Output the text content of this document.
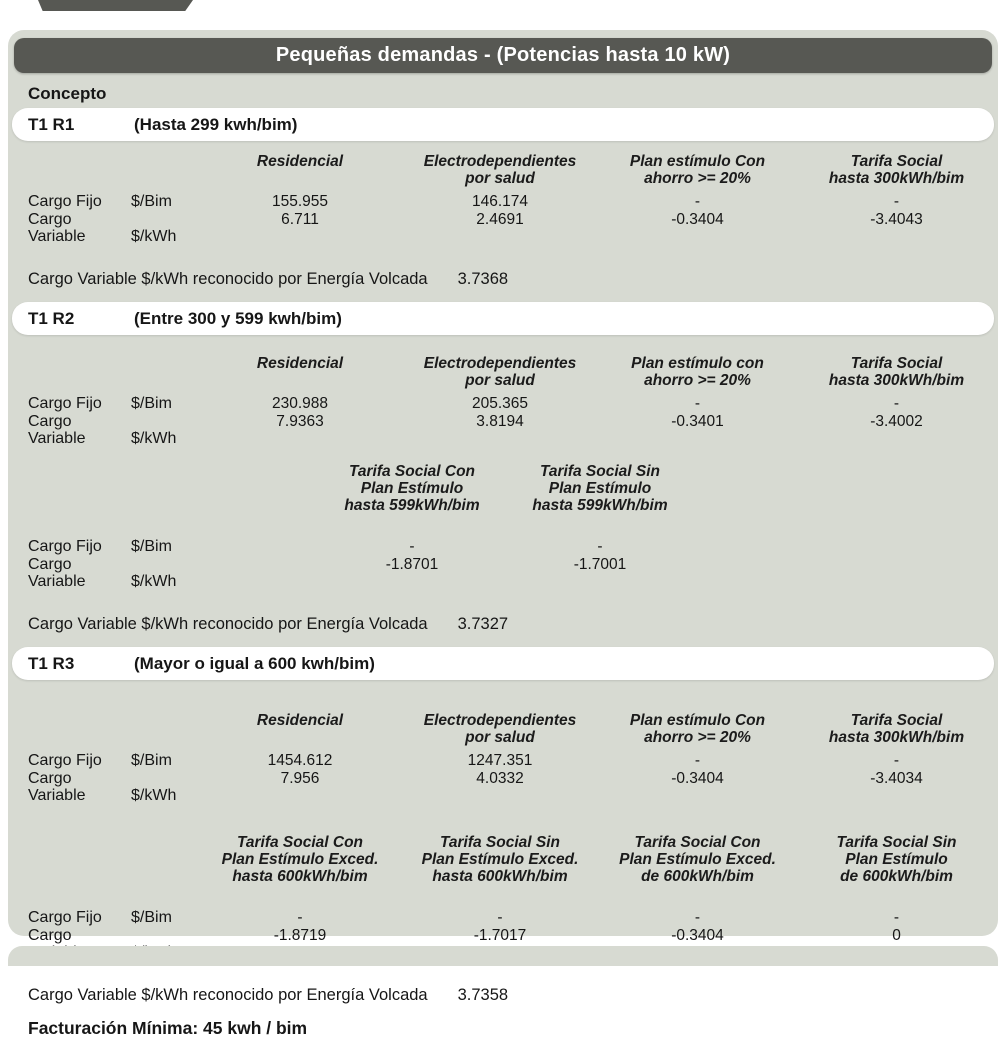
Pequeñas demandas - (Potencias hasta 10 kW)
Concepto
T1 R1	(Hasta 299 kwh/bim)
Residencial	Electrodependientes
por salud
Plan estímulo Con
ahorro >= 20%
Tarifa Social
hasta 300kWh/bim
Cargo Fijo $/Bim	155.955	146.174	-	-
Cargo Variable	$/kWh
6.711	2.4691	-0.3404	-3.4043
Cargo Variable $/kWh reconocido por Energía Volcada 3.7368
T1 R2	(Entre 300 y 599 kwh/bim)
Residencial	Electrodependientes
por salud
Plan estímulo con
ahorro >= 20%
Tarifa Social
hasta 300kWh/bim
Cargo Fijo $/Bim	230.988	205.365	-	-
Cargo Variable	$/kWh
7.9363	3.8194	-0.3401	-3.4002
Tarifa Social Con
Plan Estímulo
hasta 599kWh/bim
Tarifa Social Sin
Plan Estímulo
hasta 599kWh/bim
Cargo Fijo $/Bim	-	-
Cargo Variable	$/kWh
-1.8701	-1.7001
Cargo Variable $/kWh reconocido por Energía Volcada 3.7327
T1 R3	(Mayor o igual a 600 kwh/bim)
Residencial	Electrodependientes
por salud
Plan estímulo Con
ahorro >= 20%
Tarifa Social
hasta 300kWh/bim
Cargo Fijo $/Bim	1454.612	1247.351	-	-
Cargo Variable	$/kWh
7.956	4.0332	-0.3404	-3.4034
Tarifa Social Con
Plan Estímulo Exced.
hasta 600kWh/bim
Tarifa Social Sin
Plan Estímulo Exced.
hasta 600kWh/bim
Tarifa Social Con
Plan Estímulo Exced.
de 600kWh/bim
Tarifa Social Sin
Plan Estímulo
de 600kWh/bim
Cargo Fijo $/Bim	-	-	-	-
Cargo	-1.8719	-1.7017	-0.3404	0
Cargo Variable $/kWh reconocido por Energía Volcada 3.7358
Facturación Mínima: 45 kwh / bim
